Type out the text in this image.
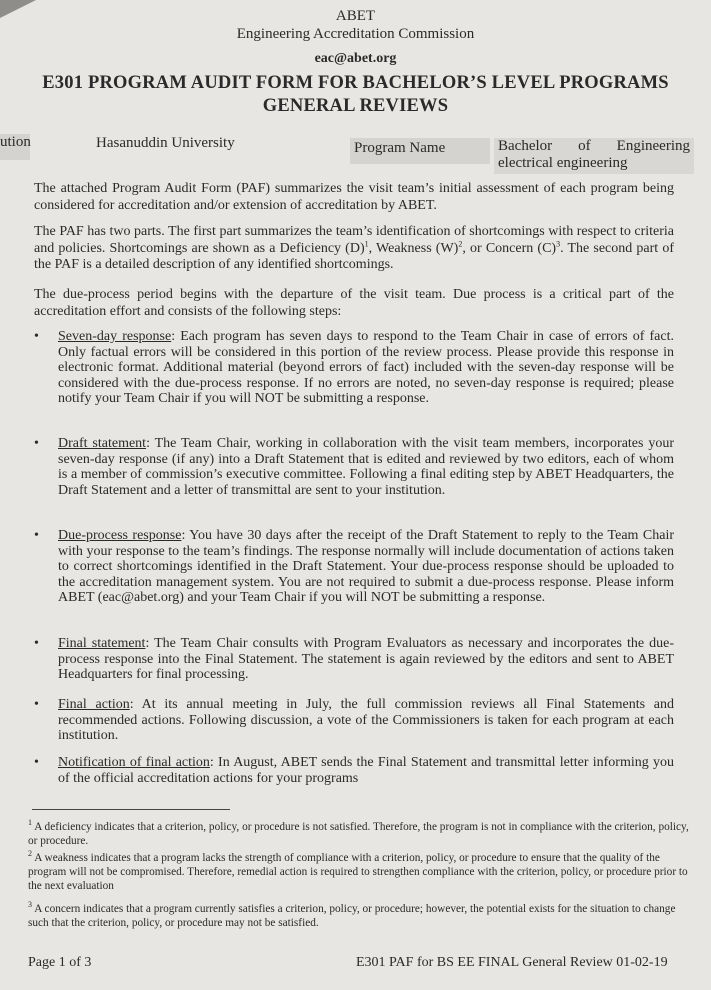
ABET
Engineering Accreditation Commission
eac@abet.org
E301 PROGRAM AUDIT FORM FOR BACHELOR’S LEVEL PROGRAMS
GENERAL REVIEWS
ution	Hasanuddin University	Program Name	Bachelor of Engineering
electrical engineering
The attached Program Audit Form (PAF) summarizes the visit team’s initial assessment of each program being considered for accreditation and/or extension of accreditation by ABET.
The PAF has two parts. The first part summarizes the team’s identification of shortcomings with respect to criteria and policies. Shortcomings are shown as a Deficiency $(D)^1$, Weakness $(W)^2$, or Concern $(C)^3$. The second part of the PAF is a detailed description of any identified shortcomings.
The due-process period begins with the departure of the visit team. Due process is a critical part of the accreditation effort and consists of the following steps:
• Seven-day response: Each program has seven days to respond to the Team Chair in case of errors of fact. Only factual errors will be considered in this portion of the review process. Please provide this response in electronic format. Additional material (beyond errors of fact) included with the seven-day response will be considered with the due-process response. If no errors are noted, no seven-day response is required; please notify your Team Chair if you will NOT be submitting a response.
• Draft statement: The Team Chair, working in collaboration with the visit team members, incorporates your seven-day response (if any) into a Draft Statement that is edited and reviewed by two editors, each of whom is a member of commission’s executive committee. Following a final editing step by ABET Headquarters, the Draft Statement and a letter of transmittal are sent to your institution.
• Due-process response: You have 30 days after the receipt of the Draft Statement to reply to the Team Chair with your response to the team’s findings. The response normally will include documentation of actions taken to correct shortcomings identified in the Draft Statement. Your due-process response should be uploaded to the accreditation management system. You are not required to submit a due-process response. Please inform ABET (eac@abet.org) and your Team Chair if you will NOT be submitting a response.
• Final statement: The Team Chair consults with Program Evaluators as necessary and incorporates the due-process response into the Final Statement. The statement is again reviewed by the editors and sent to ABET Headquarters for final processing.
• Final action: At its annual meeting in July, the full commission reviews all Final Statements and recommended actions. Following discussion, a vote of the Commissioners is taken for each program at each institution.
• Notification of final action: In August, ABET sends the Final Statement and transmittal letter informing you of the official accreditation actions for your programs
$^1$ A deficiency indicates that a criterion, policy, or procedure is not satisfied. Therefore, the program is not in compliance with the criterion, policy, or procedure.
$^2$ A weakness indicates that a program lacks the strength of compliance with a criterion, policy, or procedure to ensure that the quality of the program will not be compromised. Therefore, remedial action is required to strengthen compliance with the criterion, policy, or procedure prior to the next evaluation
$^3$ A concern indicates that a program currently satisfies a criterion, policy, or procedure; however, the potential exists for the situation to change such that the criterion, policy, or procedure may not be satisfied.
Page 1 of 3	E301 PAF for BS EE FINAL General Review 01-02-19
